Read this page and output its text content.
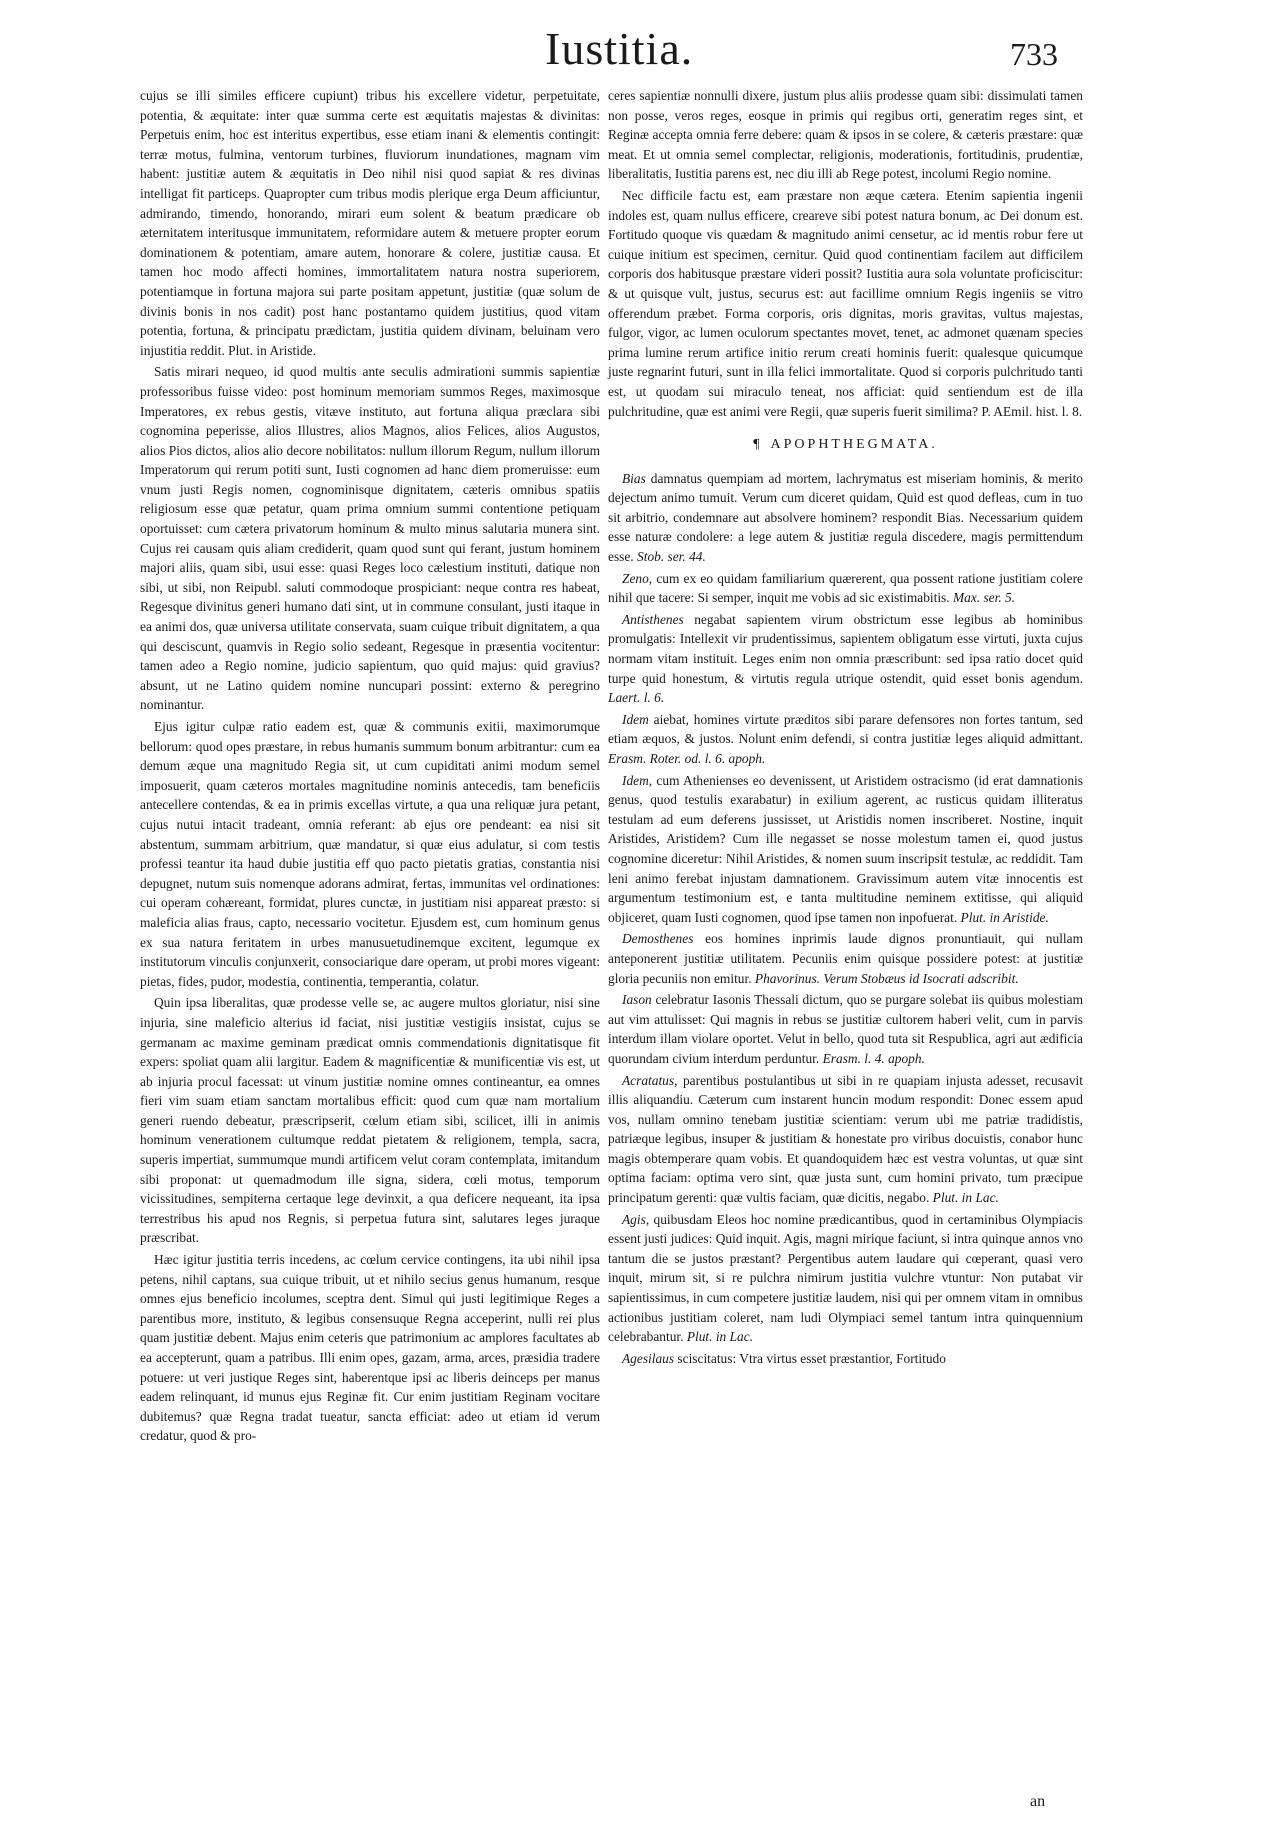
Iustitia.	733

cujus se illi similes efficere cupiunt) tribus his excellere videtur, perpetuitate, potentia, & æquitate: inter quæ summa certe est æquitatis majestas & divinitas: Perpetuis enim, hoc est interitus expertibus, esse etiam inani & elementis contingit: terræ motus, fulmina, ventorum turbines, fluviorum inundationes, magnam vim habent: justitiæ autem & æquitatis in Deo nihil nisi quod sapiat & res divinas intelligat fit particeps. Quapropter cum tribus modis plerique erga Deum afficiuntur, admirando, timendo, honorando, mirari eum solent & beatum prædicare ob æternitatem interitusque immunitatem, reformidare autem & metuere propter eorum dominationem & potentiam, amare autem, honorare & colere, justitiæ causa. Et tamen hoc modo affecti homines, immortalitatem natura nostra superiorem, potentiamque in fortuna majora sui parte positam appetunt, justitiæ (quæ solum de divinis bonis in nos cadit) post hanc postantamo quidem justitius, quod vitam potentia, fortuna, & principatu prædictam, justitia quidem divinam, beluinam vero injustitia reddit. Plut. in Aristide.

Satis mirari nequeo, id quod multis ante seculis admirationi summis sapientiæ professoribus fuisse video: post hominum memoriam summos Reges, maximosque Imperatores, ex rebus gestis, vitæve instituto, aut fortuna aliqua præclara sibi cognomina peperisse, alios Illustres, alios Magnos, alios Felices, alios Augustos, alios Pios dictos, alios alio decore nobilitatos: nullum illorum Regum, nullum illorum Imperatorum qui rerum potiti sunt, Iusti cognomen ad hanc diem promeruisse: eum vnum justi Regis nomen, cognominisque dignitatem, cæteris omnibus spatiis religiosum esse quæ petatur, quam prima omnium summi contentione petiquam oportuisset: cum cætera privatorum hominum & multo minus salutaria munera sint. Cujus rei causam quis aliam crediderit, quam quod sunt qui ferant, justum hominem majori aliis, quam sibi, usui esse: quasi Reges loco cælestium instituti, datique non sibi, ut sibi, non Reipubl. saluti commodoque prospiciant: neque contra res habeat, Regesque divinitus generi humano dati sint, ut in commune consulant, justi itaque in ea animi dos, quæ universa utilitate conservata, suam cuique tribuit dignitatem, a qua qui desciscunt, quamvis in Regio solio sedeant, Regesque in præsentia vocitentur: tamen adeo a Regio nomine, judicio sapientum, quo quid majus: quid gravius? absunt, ut ne Latino quidem nomine nuncupari possint: externo & peregrino nominantur.

Ejus igitur culpæ ratio eadem est, quæ & communis exitii, maximorumque bellorum: quod opes præstare, in rebus humanis summum bonum arbitrantur: cum ea demum æque una magnitudo Regia sit, ut cum cupiditati animi modum semel imposuerit, quam cæteros mortales magnitudine nominis antecedis, tam beneficiis antecellere contendas, & ea in primis excellas virtute, a qua una reliquæ jura petant, cujus nutui intacit tradeant, omnia referant: ab ejus ore pendeant: ea nisi sit abstentum, summam arbitrium, quæ mandatur, si quæ eius adulatur, si com testis professi teantur ita haud dubie justitia eff quo pacto pietatis gratias, constantia nisi depugnet, nutum suis nomenque adorans admirat, fertas, immunitas vel ordinationes: cui operam cohæreant, formidat, plures cunctæ, in justitiam nisi appareat præsto: si maleficia alias fraus, capto, necessario vocitetur. Ejusdem est, cum hominum genus ex sua natura feritatem in urbes manusuetudinemque excitent, legumque ex institutorum vinculis conjunxerit, consociarique dare operam, ut probi mores vigeant: pietas, fides, pudor, modestia, continentia, temperantia, colatur.

Quin ipsa liberalitas, quæ prodesse velle se, ac augere multos gloriatur, nisi sine injuria, sine maleficio alterius id faciat, nisi justitiæ vestigiis insistat, cujus se germanam ac maxime geminam prædicat omnis commendationis dignitatisque fit expers: spoliat quam alii largitur. Eadem & magnificentiæ & munificentiæ vis est, ut ab injuria procul facessat: ut vinum justitiæ nomine omnes contineantur, ea omnes fieri vim suam etiam sanctam mortalibus efficit: quod cum quæ nam mortalium generi ruendo debeatur, præscripserit, cœlum etiam sibi, scilicet, illi in animis hominum venerationem cultumque reddat pietatem & religionem, templa, sacra, superis impertiat, summumque mundi artificem velut coram contemplata, imitandum sibi proponat: ut quemadmodum ille signa, sidera, cœli motus, temporum vicissitudines, sempiterna certaque lege devinxit, a qua deficere nequeant, ita ipsa terrestribus his apud nos Regnis, si perpetua futura sint, salutares leges juraque præscribat.

Hæc igitur justitia terris incedens, ac cœlum cervice contingens, ita ubi nihil ipsa petens, nihil captans, sua cuique tribuit, ut et nihilo secius genus humanum, resque omnes ejus beneficio incolumes, sceptra dent. Simul qui justi legitimique Reges a parentibus more, instituto, & legibus consensuque Regna acceperint, nulli rei plus quam justitiæ debent. Majus enim ceteris que patrimonium ac amplores facultates ab ea accepterunt, quam a patribus. Illi enim opes, gazam, arma, arces, præsidia tradere potuere: ut veri justique Reges sint, haberentque ipsi ac liberis deinceps per manus eadem relinquant, id munus ejus Reginæ fit. Cur enim justitiam Reginam vocitare dubitemus? quæ Regna tradat tueatur, sancta efficiat: adeo ut etiam id verum credatur, quod & pro-

ceres sapientiæ nonnulli dixere, justum plus aliis prodesse quam sibi: dissimulati tamen non posse, veros reges, eosque in primis qui regibus orti, generatim reges sint, et Reginæ accepta omnia ferre debere: quam & ipsos in se colere, & cæteris præstare: quæ meat. Et ut omnia semel complectar, religionis, moderationis, fortitudinis, prudentiæ, liberalitatis, Iustitia parens est, nec diu illi ab Rege potest, incolumi Regio nomine.

Nec difficile factu est, eam præstare non æque cætera. Etenim sapientia ingenii indoles est, quam nullus efficere, creareve sibi potest natura bonum, ac Dei donum est. Fortitudo quoque vis quædam & magnitudo animi censetur, ac id mentis robur fere ut cuique initium est specimen, cernitur. Quid quod continentiam facilem aut difficilem corporis dos habitusque præstare videri possit? Iustitia aura sola voluntate proficiscitur: & ut quisque vult, justus, securus est: aut facillime omnium Regis ingeniis se vitro offerendum præbet. Forma corporis, oris dignitas, moris gravitas, vultus majestas, fulgor, vigor, ac lumen oculorum spectantes movet, tenet, ac admonet quænam species prima lumine rerum artifice initio rerum creati hominis fuerit: qualesque quicumque juste regnarint futuri, sunt in illa felici immortalitate. Quod si corporis pulchritudo tanti est, ut quodam sui miraculo teneat, nos afficiat: quid sentiendum est de illa pulchritudine, quæ est animi vere Regii, quæ superis fuerit similima? P. AEmil. hist. l. 8.

¶ APOPHTHEGMATA.

Bias damnatus quempiam ad mortem, lachrymatus est miseriam hominis, & merito dejectum animo tumuit. Verum cum diceret quidam, Quid est quod defleas, cum in tuo sit arbitrio, condemnare aut absolvere hominem? respondit Bias. Necessarium quidem esse naturæ condolere: a lege autem & justitiæ regula discedere, magis permittendum esse. Stob. ser. 44.

Zeno, cum ex eo quidam familiarium quærerent, qua possent ratione justitiam colere nihil que tacere: Si semper, inquit me vobis ad sic existimabitis. Max. ser. 5.

Antisthenes negabat sapientem virum obstrictum esse legibus ab hominibus promulgatis: Intellexit vir prudentissimus, sapientem obligatum esse virtuti, juxta cujus normam vitam instituit. Leges enim non omnia præscribunt: sed ipsa ratio docet quid turpe quid honestum, & virtutis regula utrique ostendit, quid esset bonis agendum. Laert. l. 6.

Idem aiebat, homines virtute præditos sibi parare defensores non fortes tantum, sed etiam æquos, & justos. Nolunt enim defendi, si contra justitiæ leges aliquid admittant. Erasm. Roter. od. l. 6. apoph.

Idem, cum Athenienses eo devenissent, ut Aristidem ostracismo (id erat damnationis genus, quod testulis exarabatur) in exilium agerent, ac rusticus quidam illiteratus testulam ad eum deferens jussisset, ut Aristidis nomen inscriberet. Nostine, inquit Aristides, Aristidem? Cum ille negasset se nosse molestum tamen ei, quod justus cognomine diceretur: Nihil Aristides, & nomen suum inscripsit testulæ, ac reddidit. Tam leni animo ferebat injustam damnationem. Gravissimum autem vitæ innocentis est argumentum testimonium est, e tanta multitudine neminem extitisse, qui aliquid objiceret, quam Iusti cognomen, quod ipse tamen non inpofuerat. Plut. in Aristide.

Demosthenes eos homines inprimis laude dignos pronuntiauit, qui nullam anteponerent justitiæ utilitatem. Pecuniis enim quisque possidere potest: at justitiæ gloria pecuniis non emitur. Phavorinus. Verum Stobæus id Isocrati adscribit.

Iason celebratur Iasonis Thessali dictum, quo se purgare solebat iis quibus molestiam aut vim attulisset: Qui magnis in rebus se justitiæ cultorem haberi velit, cum in parvis interdum illam violare oportet. Velut in bello, quod tuta sit Respublica, agri aut ædificia quorundam civium interdum perduntur. Erasm. l. 4. apoph.

Acratatus, parentibus postulantibus ut sibi in re quapiam injusta adesset, recusavit illis aliquandiu. Cæterum cum instarent huncin modum respondit: Donec essem apud vos, nullam omnino tenebam justitiæ scientiam: verum ubi me patriæ tradidistis, patriæque legibus, insuper & justitiam & honestate pro viribus docuistis, conabor hunc magis obtemperare quam vobis. Et quandoquidem hæc est vestra voluntas, ut quæ sint optima faciam: optima vero sint, quæ justa sunt, cum homini privato, tum præcipue principatum gerenti: quæ vultis faciam, quæ dicitis, negabo. Plut. in Lac.

Agis, quibusdam Eleos hoc nomine prædicantibus, quod in certaminibus Olympiacis essent justi judices: Quid inquit. Agis, magni mirique faciunt, si intra quinque annos vno tantum die se justos præstant? Pergentibus autem laudare qui cœperant, quasi vero inquit, mirum sit, si re pulchra nimirum justitia vulchre vtuntur: Non putabat vir sapientissimus, in cum competere justitiæ laudem, nisi qui per omnem vitam in omnibus actionibus justitiam coleret, nam ludi Olympiaci semel tantum intra quinquennium celebrabantur. Plut. in Lac.

Agesilaus sciscitatus: Vtra virtus esset præstantior, Fortitudo

an
